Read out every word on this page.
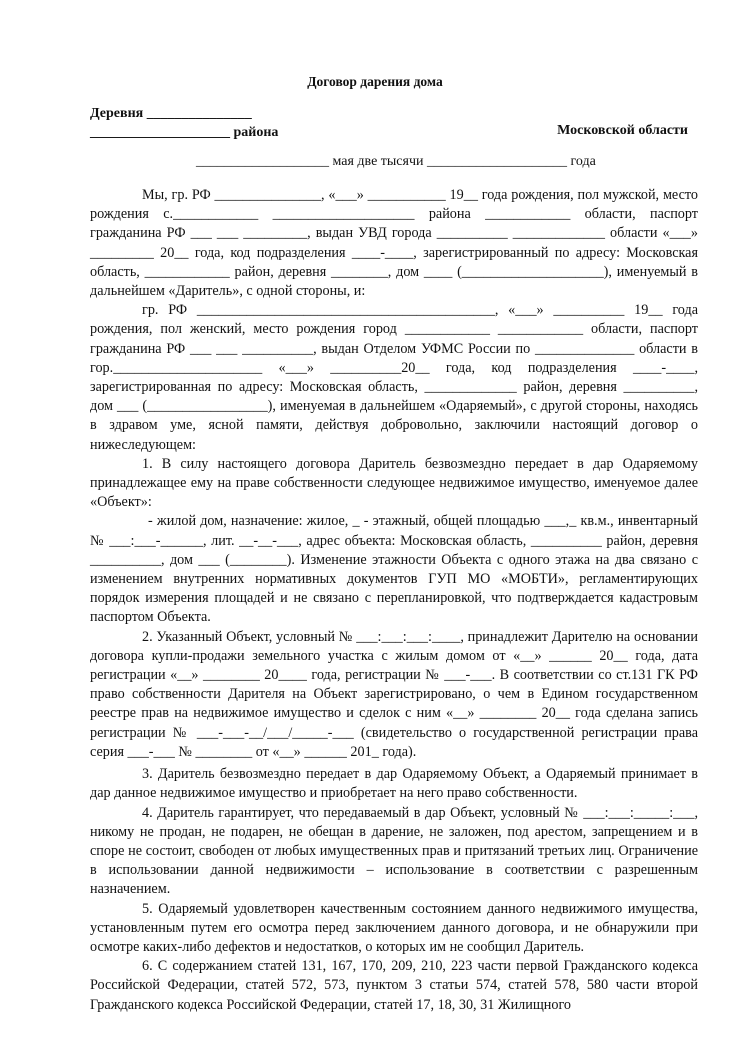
Договор дарения дома
Деревня _______________
____________________ района	Московской области
___________________ мая две тысячи ____________________ года

Мы, гр. РФ _______________, «___» ___________ 19__ года рождения, пол мужской, место рождения с.____________ ____________________ района ____________ области, паспорт гражданина РФ ___ ___ _________, выдан УВД города __________ _____________ области «___» _________ 20__ года, код подразделения ____-____, зарегистрированный по адресу: Московская область, ____________ район, деревня ________, дом ____ (____________________), именуемый в дальнейшем «Даритель», с одной стороны, и:

гр. РФ __________________________________________, «___» __________ 19__ года рождения, пол женский, место рождения город ____________ ____________ области, паспорт гражданина РФ ___ ___ __________, выдан Отделом УФМС России по ______________ области в гор._____________________ «___» __________20__ года, код подразделения ____-____, зарегистрированная по адресу: Московская область, _____________ район, деревня __________, дом ___ (_________________), именуемая в дальнейшем «Одаряемый», с другой стороны, находясь в здравом уме, ясной памяти, действуя добровольно, заключили настоящий договор о нижеследующем:

1. В силу настоящего договора Даритель безвозмездно передает в дар Одаряемому принадлежащее ему на праве собственности следующее недвижимое имущество, именуемое далее «Объект»:

- жилой дом, назначение: жилое, _ - этажный, общей площадью ___,_ кв.м., инвентарный № ___:___-______, лит. __-__-___, адрес объекта: Московская область, __________ район, деревня __________, дом ___ (________). Изменение этажности Объекта с одного этажа на два связано с изменением внутренних нормативных документов ГУП МО «МОБТИ», регламентирующих порядок измерения площадей и не связано с перепланировкой, что подтверждается кадастровым паспортом Объекта.

2. Указанный Объект, условный № ___:___:___:____, принадлежит Дарителю на основании договора купли-продажи земельного участка с жилым домом от «__» ______ 20__ года, дата регистрации «__» ________ 20____ года, регистрации № ___-___. В соответствии со ст.131 ГК РФ право собственности Дарителя на Объект зарегистрировано, о чем в Едином государственном реестре прав на недвижимое имущество и сделок с ним «__» ________ 20__ года сделана запись регистрации № ___-___-__/___/_____-___ (свидетельство о государственной регистрации права серия ___-___ № ________ от «__» ______ 201_ года).

3. Даритель безвозмездно передает в дар Одаряемому Объект, а Одаряемый принимает в дар данное недвижимое имущество и приобретает на него право собственности.

4. Даритель гарантирует, что передаваемый в дар Объект, условный № ___:___:_____:___, никому не продан, не подарен, не обещан в дарение, не заложен, под арестом, запрещением и в споре не состоит, свободен от любых имущественных прав и притязаний третьих лиц. Ограничение в использовании данной недвижимости – использование в соответствии с разрешенным назначением.

5. Одаряемый удовлетворен качественным состоянием данного недвижимого имущества, установленным путем его осмотра перед заключением данного договора, и не обнаружили при осмотре каких-либо дефектов и недостатков, о которых им не сообщил Даритель.

6. С содержанием статей 131, 167, 170, 209, 210, 223 части первой Гражданского кодекса Российской Федерации, статей 572, 573, пунктом 3 статьи 574, статей 578, 580 части второй Гражданского кодекса Российской Федерации, статей 17, 18, 30, 31 Жилищного
